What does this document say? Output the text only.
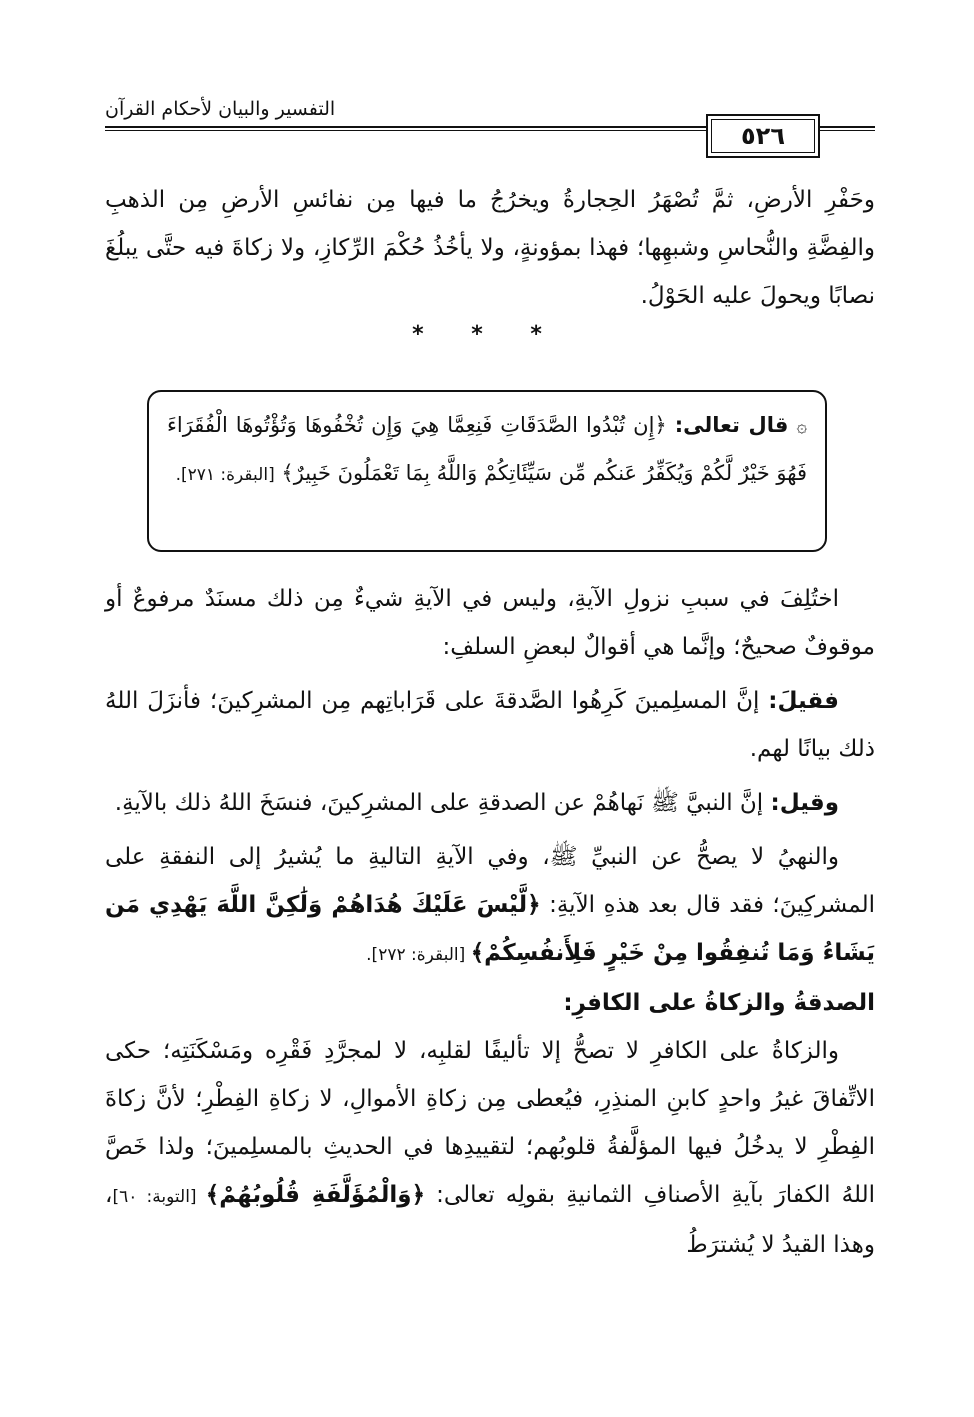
التفسير والبيان لأحكام القرآن
٥٢٦

وحَفْرِ الأرضِ، ثمَّ تُصْهَرُ الحِجارةُ ويخرُجُ ما فيها مِن نفائسِ الأرضِ مِن الذهبِ والفِضَّةِ والنُّحاسِ وشبهِها؛ فهذا بمؤونةٍ، ولا يأخُذُ حُكْمَ الرِّكازِ، ولا زكاةَ فيه حتَّى يبلُغَ نصابًا ويحولَ عليه الحَوْلُ.

* * *
۞ قال تعالى: ﴿إِن تُبْدُوا الصَّدَقَاتِ فَنِعِمَّا هِيَ وَإِن تُخْفُوهَا وَتُؤْتُوهَا الْفُقَرَاءَ فَهُوَ خَيْرٌ لَّكُمْ وَيُكَفِّرُ عَنكُم مِّن سَيِّئَاتِكُمْ وَاللَّهُ بِمَا تَعْمَلُونَ خَبِيرٌ﴾ [البقرة: ٢٧١].

اختُلِفَ في سببِ نزولِ الآيةِ، وليس في الآيةِ شيءٌ مِن ذلك مسنَدٌ مرفوعٌ أو موقوفٌ صحيحٌ؛ وإنَّما هي أقوالٌ لبعضِ السلفِ:

فقيلَ: إنَّ المسلِمينَ كَرِهُوا الصَّدقةَ على قَرَاباتِهم مِن المشرِكينَ؛ فأنزَلَ اللهُ ذلك بيانًا لهم.

وقيل: إنَّ النبيَّ ﷺ نَهاهُمْ عن الصدقةِ على المشرِكينَ، فنسَخَ اللهُ ذلك بالآيةِ.

والنهيُ لا يصحُّ عن النبيِّ ﷺ، وفي الآيةِ التاليةِ ما يُشيرُ إلى النفقةِ على المشركِينَ؛ فقد قال بعد هذهِ الآيةِ: ﴿لَّيْسَ عَلَيْكَ هُدَاهُمْ وَلَٰكِنَّ اللَّهَ يَهْدِي مَن يَشَاءُ وَمَا تُنفِقُوا مِنْ خَيْرٍ فَلِأَنفُسِكُمْ﴾ [البقرة: ٢٧٢].

الصدقةُ والزكاةُ على الكافرِ:

والزكاةُ على الكافرِ لا تصحُّ إلا تأليفًا لقلبِه، لا لمجرَّدِ فَقْرِه ومَسْكَنَتِه؛ حكى الاتِّفاقَ غيرُ واحدٍ كابنِ المنذِرِ، فيُعطى مِن زكاةِ الأموالِ، لا زكاةِ الفِطْرِ؛ لأنَّ زكاةَ الفِطْرِ لا يدخُلُ فيها المؤلَّفةُ قلوبُهم؛ لتقييدِها في الحديثِ بالمسلِمينَ؛ ولذا خَصَّ اللهُ الكفارَ بآيةِ الأصنافِ الثمانيةِ بقولِه تعالى: ﴿وَالْمُؤَلَّفَةِ قُلُوبُهُمْ﴾ [التوبة: ٦٠]، وهذا القيدُ لا يُشترَطُ
